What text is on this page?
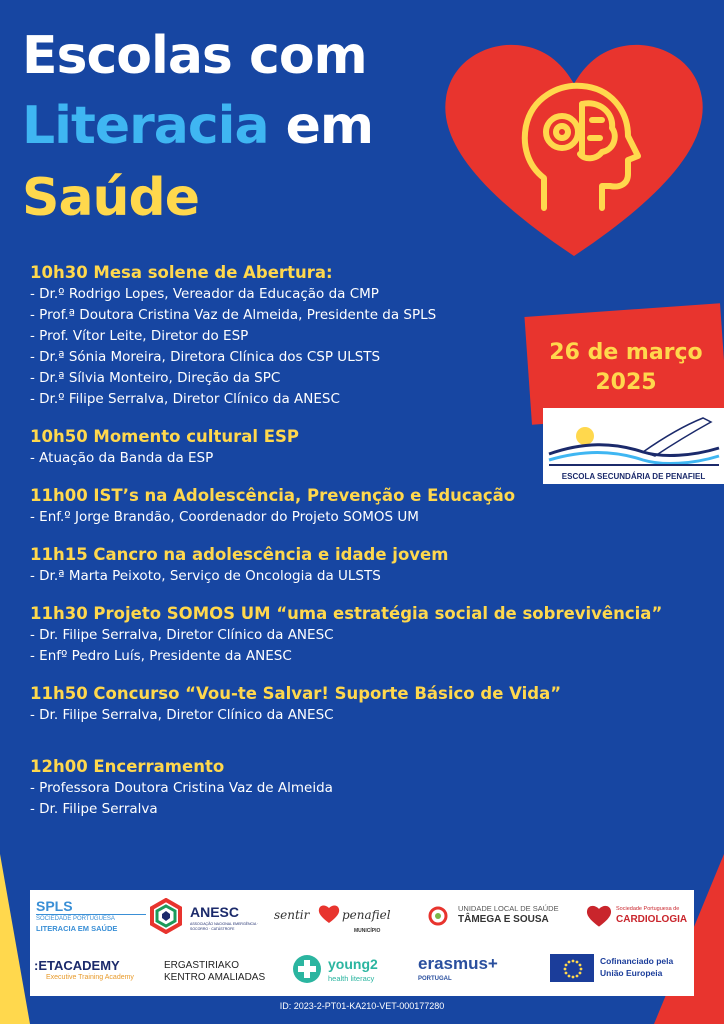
Escolas com
Literacia em
Saúde
10h30 Mesa solene de Abertura:
- Dr.º Rodrigo Lopes, Vereador da Educação da CMP
- Prof.ª Doutora Cristina Vaz de Almeida, Presidente da SPLS
- Prof. Vítor Leite, Diretor do ESP
- Dr.ª Sónia Moreira, Diretora Clínica dos CSP ULSTS
- Dr.ª Sílvia Monteiro, Direção da SPC
- Dr.º Filipe Serralva, Diretor Clínico da ANESC
10h50 Momento cultural ESP
- Atuação da Banda da ESP
11h00 IST’s na Adolescência, Prevenção e Educação
- Enf.º Jorge Brandão, Coordenador do Projeto SOMOS UM
11h15 Cancro na adolescência e idade jovem
- Dr.ª Marta Peixoto, Serviço de Oncologia da ULSTS
11h30 Projeto SOMOS UM “uma estratégia social de sobrevivência”
- Dr. Filipe Serralva, Diretor Clínico da ANESC
- Enfº Pedro Luís, Presidente da ANESC
11h50 Concurso “Vou-te Salvar! Suporte Básico de Vida”
- Dr. Filipe Serralva, Diretor Clínico da ANESC
12h00 Encerramento
- Professora Doutora Cristina Vaz de Almeida
- Dr. Filipe Serralva
26 de março
2025
ESCOLA SECUNDÁRIA DE PENAFIEL
SPLS
SOCIEDADE PORTUGUESA
LITERACIA EM SAÚDE
ANESC
ASSOCIAÇÃO NACIONAL EMERGÊNCIA · SOCORRO · CATÁSTROFE
sentir	penafiel
MUNICÍPIO
UNIDADE LOCAL DE SAÚDE
TÂMEGA E SOUSA
Sociedade Portuguesa de
CARDIOLOGIA
:ETACADEMY
Executive Training Academy
ERGASTIRIAKO
KENTRO AMALIADAS
young2
health literacy
erasmus+
PORTUGAL
Cofinanciado pela
União Europeia
ID: 2023-2-PT01-KA210-VET-000177280
